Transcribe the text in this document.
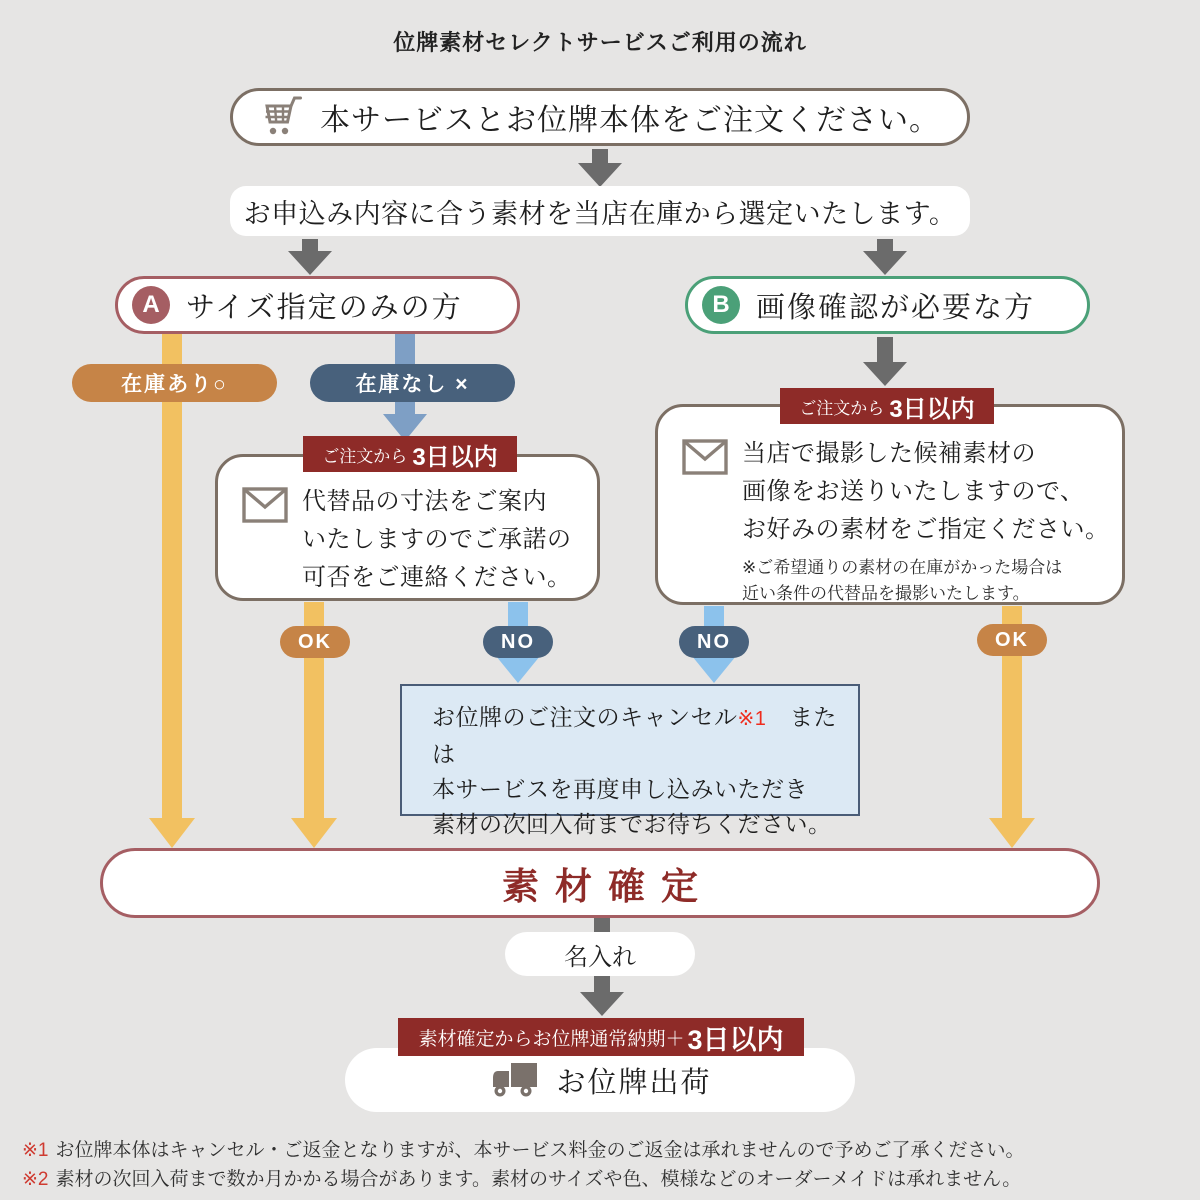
位牌素材セレクトサービスご利用の流れ
本サービスとお位牌本体をご注文ください。
お申込み内容に合う素材を当店在庫から選定いたします。
A サイズ指定のみの方	B 画像確認が必要な方
在庫あり○	在庫なし ×
ご注文から 3日以内
代替品の寸法をご案内
いたしますのでご承諾の
可否をご連絡ください。
ご注文から 3日以内
当店で撮影した候補素材の
画像をお送りいたしますので、
お好みの素材をご指定ください。
※ご希望通りの素材の在庫がかった場合は
近い条件の代替品を撮影いたします。
OK	NO	NO	OK
お位牌のご注文のキャンセル※1　または
本サービスを再度申し込みいただき
素材の次回入荷までお待ちください。
素材確定
名入れ
素材確定からお位牌通常納期＋ 3日以内
お位牌出荷
※1 お位牌本体はキャンセル・ご返金となりますが、本サービス料金のご返金は承れませんので予めご了承ください。
※2 素材の次回入荷まで数か月かかる場合があります。素材のサイズや色、模様などのオーダーメイドは承れません。
